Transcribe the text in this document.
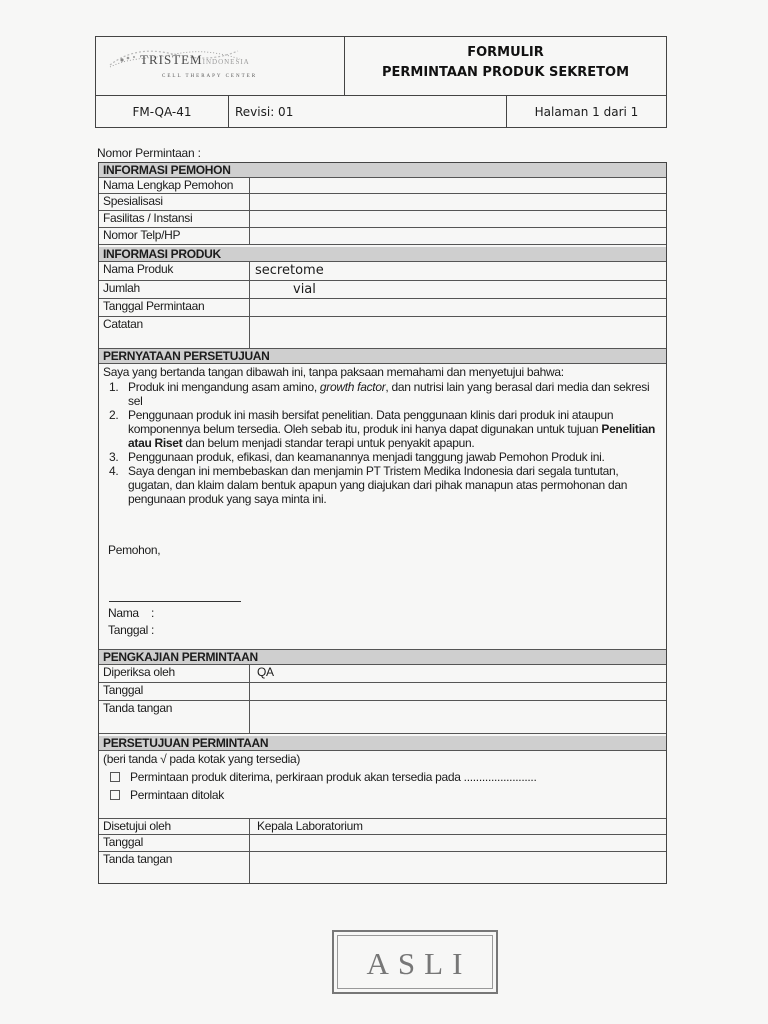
TRISTEMINDONESIA
CELL THERAPY CENTER
FORMULIR
PERMINTAAN PRODUK SEKRETOM
FM-QA-41	Revisi: 01	Halaman 1 dari 1
Nomor Permintaan :
INFORMASI PEMOHON
Nama Lengkap Pemohon
Spesialisasi
Fasilitas / Instansi
Nomor Telp/HP
INFORMASI PRODUK
Nama Produk	secretome
Jumlah	vial
Tanggal Permintaan
Catatan
PERNYATAAN PERSETUJUAN
Saya yang bertanda tangan dibawah ini, tanpa paksaan memahami dan menyetujui bahwa:

1. Produk ini mengandung asam amino, growth factor, dan nutrisi lain yang berasal dari media dan sekresi sel

2. Penggunaan produk ini masih bersifat penelitian. Data penggunaan klinis dari produk ini ataupun komponennya belum tersedia. Oleh sebab itu, produk ini hanya dapat digunakan untuk tujuan Penelitian atau Riset dan belum menjadi standar terapi untuk penyakit apapun.

3. Penggunaan produk, efikasi, dan keamanannya menjadi tanggung jawab Pemohon Produk ini.

4. Saya dengan ini membebaskan dan menjamin PT Tristem Medika Indonesia dari segala tuntutan, gugatan, dan klaim dalam bentuk apapun yang diajukan dari pihak manapun atas permohonan dan pengunaan produk yang saya minta ini.

Pemohon,
Nama    :
Tanggal :
PENGKAJIAN PERMINTAAN
Diperiksa oleh	QA
Tanggal
Tanda tangan
PERSETUJUAN PERMINTAAN
(beri tanda √ pada kotak yang tersedia)
Permintaan produk diterima, perkiraan produk akan tersedia pada ........................
Permintaan ditolak
Disetujui oleh	Kepala Laboratorium
Tanggal
Tanda tangan
ASLI
